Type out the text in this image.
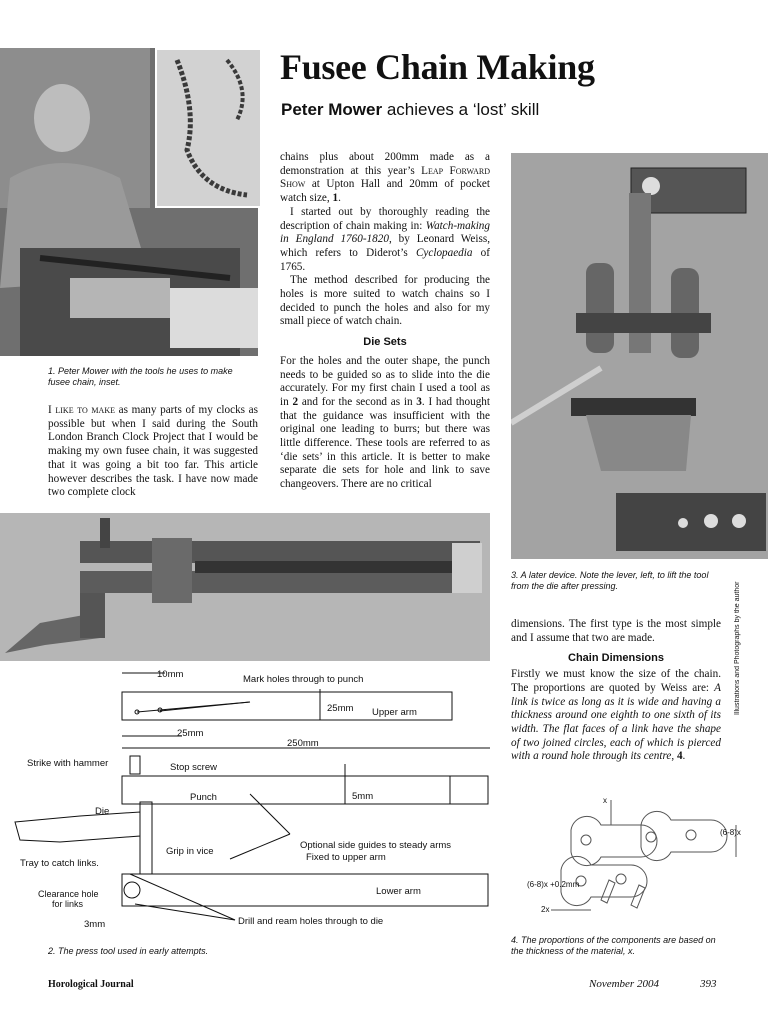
1. Peter Mower with the tools he uses to make fusee chain, inset.
Fusee Chain Making
Peter Mower achieves a ‘lost’ skill

I like to make as many parts of my clocks as possible but when I said during the South London Branch Clock Project that I would be making my own fusee chain, it was suggested that it was going a bit too far. This article however describes the task. I have now made two complete clock

chains plus about 200mm made as a demonstration at this year’s Leap Forward Show at Upton Hall and 20mm of pocket watch size, 1.

I started out by thoroughly reading the description of chain making in: Watch-making in England 1760-1820, by Leonard Weiss, which refers to Diderot’s Cyclopaedia of 1765.

The method described for producing the holes is more suited to watch chains so I decided to punch the holes and also for my small piece of watch chain.

Die Sets

For the holes and the outer shape, the punch needs to be guided so as to slide into the die accurately. For my first chain I used a tool as in 2 and for the second as in 3. I had thought that the guidance was insufficient with the original one leading to burrs; but there was little difference. These tools are referred to as ‘die sets’ in this article. It is better to make separate die sets for hole and link to save changeovers. There are no critical

3. A later device. Note the lever, left, to lift the tool from the die after pressing.	Illustrations and Photographs by the author

dimensions. The first type is the most simple and I assume that two are made.

Chain Dimensions

Firstly we must know the size of the chain. The proportions are quoted by Weiss are: A link is twice as long as it is wide and having a thickness around one eighth to one sixth of its width. The flat faces of a link have the shape of two joined circles, each of which is pierced with a round hole through its centre, 4.

10mm	Mark holes through to punch
25mm Upper arm
25mm
250mm
Strike with hammer	Stop screw
Punch	5mm
Die
Optional side guides to steady arms
Fixed to upper arm
Grip in vice
Tray to catch links.
Clearance hole
for links
Lower arm
3mm	Drill and ream holes through to die
2. The press tool used in early attempts.
x
(6-8)x
(6-8)x +0.2mm
2x
4. The proportions of the components are based on the thickness of the material, x.
Horological Journal	November 2004	393
